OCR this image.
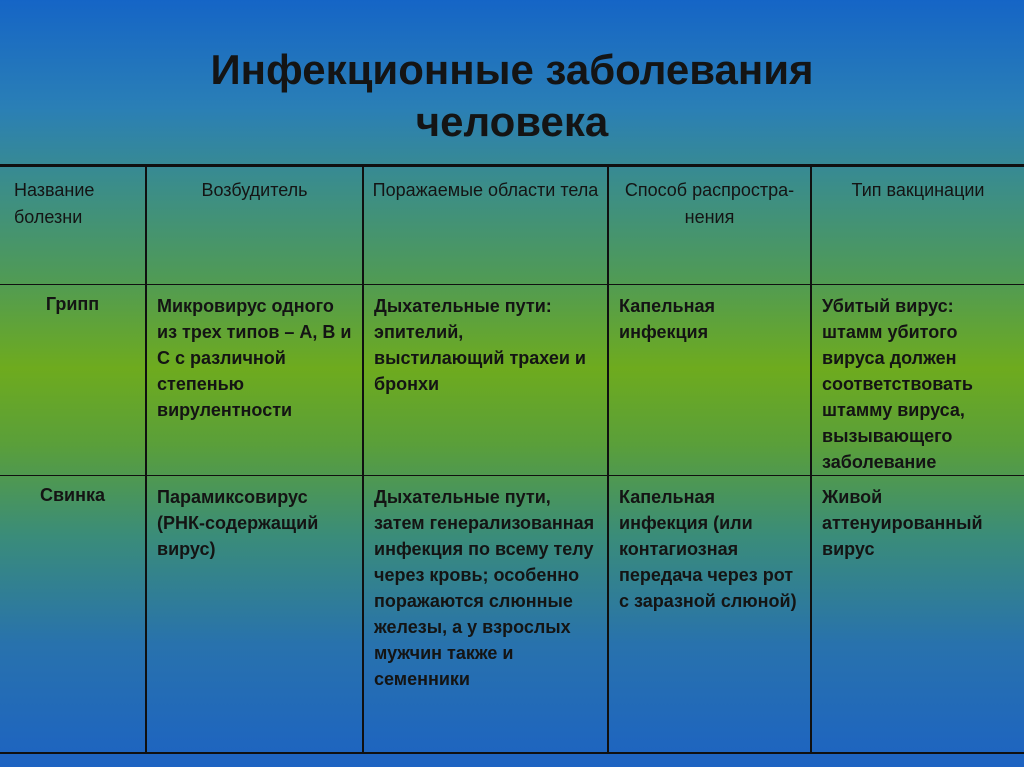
Инфекционные заболевания
человека
Название болезни	Возбудитель	Поражаемые области тела	Способ распростра-нения	Тип вакцинации
Грипп	Микровирус одного из трех типов – А, В и С с различной степенью вирулентности	Дыхательные пути: эпителий, выстилающий трахеи и бронхи	Капельная инфекция	Убитый вирус: штамм убитого вируса должен соответствовать штамму вируса, вызывающего заболевание
Свинка	Парамиксовирус (РНК-содержащий вирус)	Дыхательные пути, затем генерализованная инфекция по всему телу через кровь; особенно поражаются слюнные железы, а у взрослых мужчин также и семенники	Капельная инфекция (или контагиозная передача через рот с заразной слюной)	Живой аттенуированный вирус
